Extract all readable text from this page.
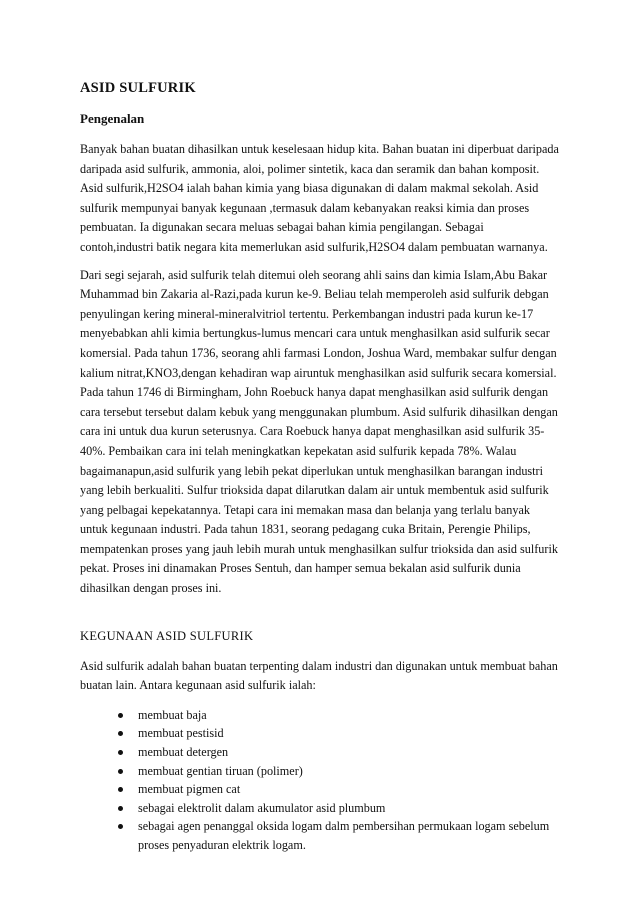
ASID SULFURIK
Pengenalan

Banyak bahan buatan dihasilkan untuk keselesaan hidup kita. Bahan buatan ini diperbuat daripada daripada asid sulfurik, ammonia, aloi, polimer sintetik, kaca dan seramik dan bahan komposit. Asid sulfurik,H2SO4 ialah bahan kimia yang biasa digunakan di dalam makmal sekolah. Asid sulfurik mempunyai banyak kegunaan ,termasuk dalam kebanyakan reaksi kimia dan proses pembuatan. Ia digunakan secara meluas sebagai bahan kimia pengilangan. Sebagai contoh,industri batik negara kita memerlukan asid sulfurik,H2SO4 dalam pembuatan warnanya.

Dari segi sejarah, asid sulfurik telah ditemui oleh seorang ahli sains dan kimia Islam,Abu Bakar Muhammad bin Zakaria al-Razi,pada kurun ke-9. Beliau telah memperoleh asid sulfurik debgan penyulingan kering mineral-mineralvitriol tertentu. Perkembangan industri pada kurun ke-17 menyebabkan ahli kimia bertungkus-lumus mencari cara untuk menghasilkan asid sulfurik secar komersial. Pada tahun 1736, seorang ahli farmasi London, Joshua Ward, membakar sulfur dengan kalium nitrat,KNO3,dengan kehadiran wap airuntuk menghasilkan asid sulfurik secara komersial. Pada tahun 1746 di Birmingham, John Roebuck hanya dapat menghasilkan asid sulfurik dengan cara tersebut tersebut dalam kebuk yang menggunakan plumbum. Asid sulfurik dihasilkan dengan cara ini untuk dua kurun seterusnya. Cara Roebuck hanya dapat menghasilkan asid sulfurik 35-40%. Pembaikan cara ini telah meningkatkan kepekatan asid sulfurik kepada 78%. Walau bagaimanapun,asid sulfurik yang lebih pekat diperlukan untuk menghasilkan barangan industri yang lebih berkualiti. Sulfur trioksida dapat dilarutkan dalam air untuk membentuk asid sulfurik yang pelbagai kepekatannya. Tetapi cara ini memakan masa dan belanja yang terlalu banyak untuk kegunaan industri. Pada tahun 1831, seorang pedagang cuka Britain, Perengie Philips, mempatenkan proses yang jauh lebih murah untuk menghasilkan sulfur trioksida dan asid sulfurik pekat. Proses ini dinamakan Proses Sentuh, dan hamper semua bekalan asid sulfurik dunia dihasilkan dengan proses ini.

KEGUNAAN ASID SULFURIK

Asid sulfurik adalah bahan buatan terpenting dalam industri dan digunakan untuk membuat bahan buatan lain. Antara kegunaan asid sulfurik ialah:

membuat baja
membuat pestisid
membuat detergen
membuat gentian tiruan (polimer)
membuat pigmen cat
sebagai elektrolit dalam akumulator asid plumbum
sebagai agen penanggal oksida logam dalm pembersihan permukaan logam sebelum proses penyaduran elektrik logam.
